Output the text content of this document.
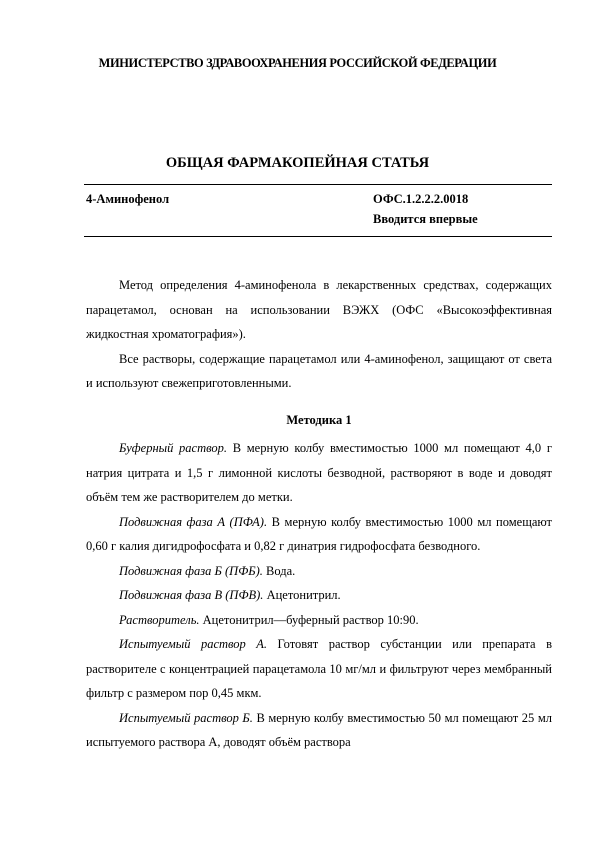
МИНИСТЕРСТВО ЗДРАВООХРАНЕНИЯ РОССИЙСКОЙ ФЕДЕРАЦИИ
ОБЩАЯ ФАРМАКОПЕЙНАЯ СТАТЬЯ
4-Аминофенол	ОФС.1.2.2.2.0018
Вводится впервые

Метод определения 4-аминофенола в лекарственных средствах, содержащих парацетамол, основан на использовании ВЭЖХ (ОФС «Высокоэффективная жидкостная хроматография»).

Все растворы, содержащие парацетамол или 4-аминофенол, защищают от света и используют свежеприготовленными.

Методика 1

Буферный раствор. В мерную колбу вместимостью 1000 мл помещают 4,0 г натрия цитрата и 1,5 г лимонной кислоты безводной, растворяют в воде и доводят объём тем же растворителем до метки.

Подвижная фаза А (ПФА). В мерную колбу вместимостью 1000 мл помещают 0,60 г калия дигидрофосфата и 0,82 г динатрия гидрофосфата безводного.

Подвижная фаза Б (ПФБ). Вода.

Подвижная фаза В (ПФВ). Ацетонитрил.

Растворитель. Ацетонитрил—буферный раствор 10:90.

Испытуемый раствор А. Готовят раствор субстанции или препарата в растворителе с концентрацией парацетамола 10 мг/мл и фильтруют через мембранный фильтр с размером пор 0,45 мкм.

Испытуемый раствор Б. В мерную колбу вместимостью 50 мл помещают 25 мл испытуемого раствора А, доводят объём раствора
